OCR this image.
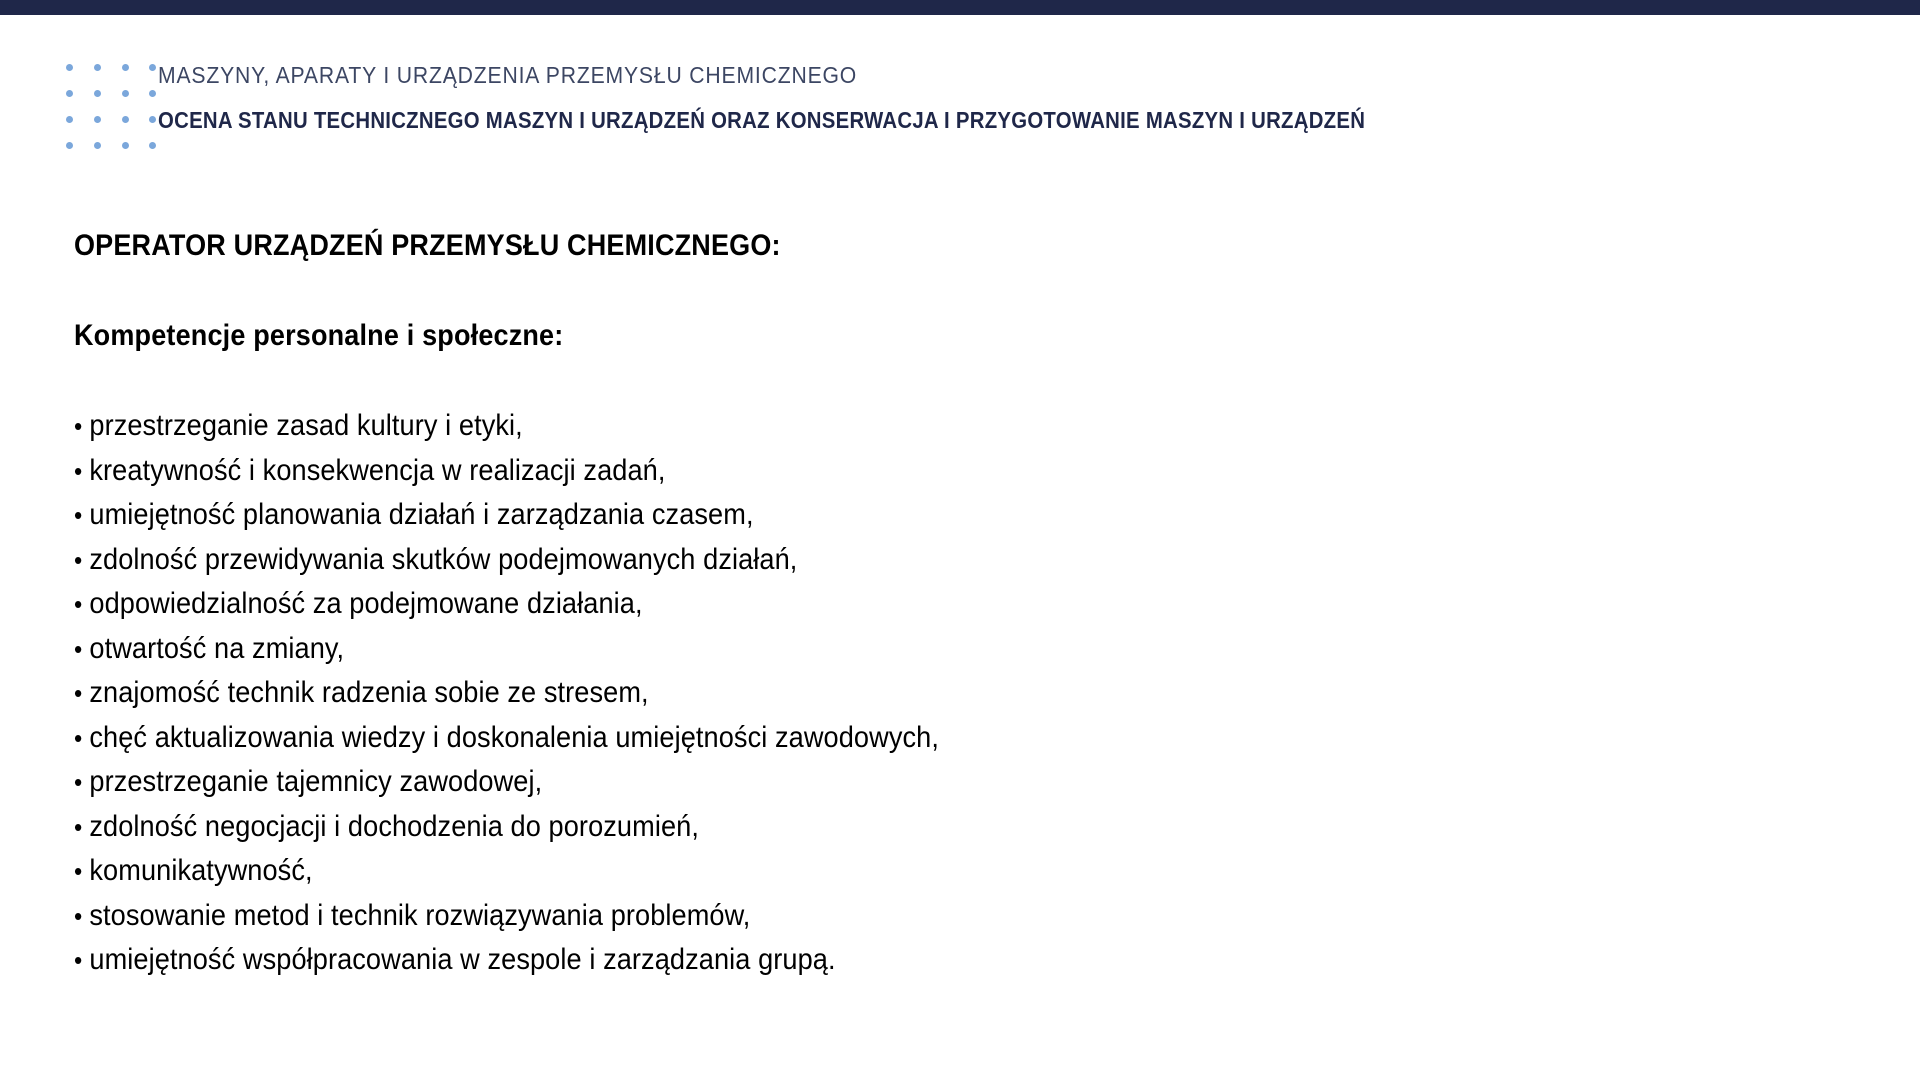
MASZYNY, APARATY I URZĄDZENIA PRZEMYSŁU CHEMICZNEGO
OCENA STANU TECHNICZNEGO MASZYN I URZĄDZEŃ ORAZ KONSERWACJA I PRZYGOTOWANIE MASZYN I URZĄDZEŃ
OPERATOR URZĄDZEŃ PRZEMYSŁU CHEMICZNEGO:
Kompetencje personalne i społeczne:
• przestrzeganie zasad kultury i etyki,
• kreatywność i konsekwencja w realizacji zadań,
• umiejętność planowania działań i zarządzania czasem,
• zdolność przewidywania skutków podejmowanych działań,
• odpowiedzialność za podejmowane działania,
• otwartość na zmiany,
• znajomość technik radzenia sobie ze stresem,
• chęć aktualizowania wiedzy i doskonalenia umiejętności zawodowych,
• przestrzeganie tajemnicy zawodowej,
• zdolność negocjacji i dochodzenia do porozumień,
• komunikatywność,
• stosowanie metod i technik rozwiązywania problemów,
• umiejętność współpracowania w zespole i zarządzania grupą.
